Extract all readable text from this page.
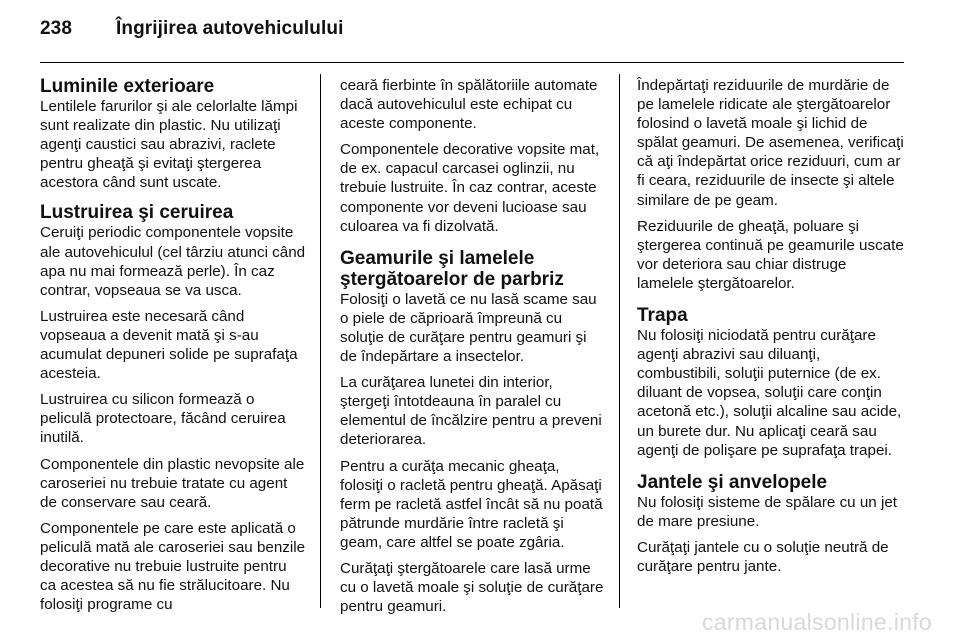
238 Îngrijirea autovehiculului
Luminile exterioare

Lentilele farurilor şi ale celorlalte lămpi sunt realizate din plastic. Nu utilizaţi agenţi caustici sau abrazivi, raclete pentru gheaţă şi evitaţi ştergerea acestora când sunt uscate.

Lustruirea şi ceruirea

Ceruiţi periodic componentele vopsite ale autovehiculul (cel târziu atunci când apa nu mai formează perle). În caz contrar, vopseaua se va usca.

Lustruirea este necesară când vopseaua a devenit mată şi s-au acumulat depuneri solide pe suprafaţa acesteia.

Lustruirea cu silicon formează o peliculă protectoare, făcând ceruirea inutilă.

Componentele din plastic nevopsite ale caroseriei nu trebuie tratate cu agent de conservare sau ceară.

Componentele pe care este aplicată o peliculă mată ale caroseriei sau benzile decorative nu trebuie lustruite pentru ca acestea să nu fie strălucitoare. Nu folosiţi programe cu

ceară fierbinte în spălătoriile automate dacă autovehiculul este echipat cu aceste componente.

Componentele decorative vopsite mat, de ex. capacul carcasei oglinzii, nu trebuie lustruite. În caz contrar, aceste componente vor deveni lucioase sau culoarea va fi dizolvată.

Geamurile şi lamelele ştergătoarelor de parbriz

Folosiţi o lavetă ce nu lasă scame sau o piele de căprioară împreună cu soluţie de curăţare pentru geamuri şi de îndepărtare a insectelor.

La curăţarea lunetei din interior, ştergeţi întotdeauna în paralel cu elementul de încălzire pentru a preveni deteriorarea.

Pentru a curăţa mecanic gheaţa, folosiţi o racletă pentru gheaţă. Apăsaţi ferm pe racletă astfel încât să nu poată pătrunde murdărie între racletă şi geam, care altfel se poate zgâria.

Curăţaţi ştergătoarele care lasă urme cu o lavetă moale şi soluţie de curăţare pentru geamuri.

Îndepărtaţi reziduurile de murdărie de pe lamelele ridicate ale ştergătoarelor folosind o lavetă moale şi lichid de spălat geamuri. De asemenea, verificaţi că aţi îndepărtat orice reziduuri, cum ar fi ceara, reziduurile de insecte şi altele similare de pe geam.

Reziduurile de gheaţă, poluare şi ştergerea continuă pe geamurile uscate vor deteriora sau chiar distruge lamelele ştergătoarelor.

Trapa

Nu folosiţi niciodată pentru curăţare agenţi abrazivi sau diluanţi, combustibili, soluţii puternice (de ex. diluant de vopsea, soluţii care conţin acetonă etc.), soluţii alcaline sau acide, un burete dur. Nu aplicaţi ceară sau agenţi de polişare pe suprafaţa trapei.

Jantele şi anvelopele

Nu folosiţi sisteme de spălare cu un jet de mare presiune.

Curăţaţi jantele cu o soluţie neutră de curăţare pentru jante.

carmanualsonline.info
